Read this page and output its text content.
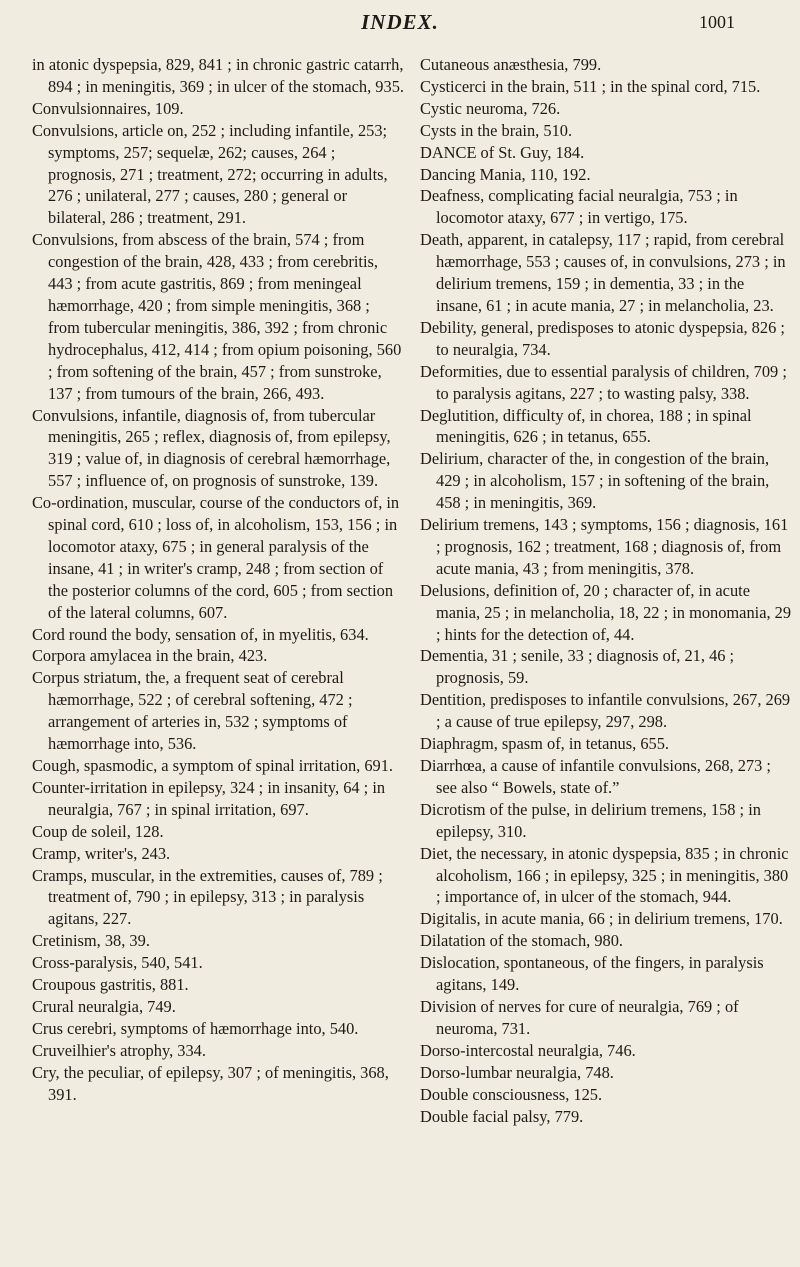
INDEX.	1001

in atonic dyspepsia, 829, 841 ; in chronic gastric catarrh, 894 ; in meningitis, 369 ; in ulcer of the stomach, 935.

Convulsionnaires, 109.

Convulsions, article on, 252 ; including infantile, 253; symptoms, 257; sequelæ, 262; causes, 264 ; prognosis, 271 ; treatment, 272; occurring in adults, 276 ; unilateral, 277 ; causes, 280 ; general or bilateral, 286 ; treatment, 291.

Convulsions, from abscess of the brain, 574 ; from congestion of the brain, 428, 433 ; from cerebritis, 443 ; from acute gastritis, 869 ; from meningeal hæmorrhage, 420 ; from simple meningitis, 368 ; from tubercular meningitis, 386, 392 ; from chronic hydrocephalus, 412, 414 ; from opium poisoning, 560 ; from softening of the brain, 457 ; from sunstroke, 137 ; from tumours of the brain, 266, 493.

Convulsions, infantile, diagnosis of, from tubercular meningitis, 265 ; reflex, diagnosis of, from epilepsy, 319 ; value of, in diagnosis of cerebral hæmorrhage, 557 ; influence of, on prognosis of sunstroke, 139.

Co-ordination, muscular, course of the conductors of, in spinal cord, 610 ; loss of, in alcoholism, 153, 156 ; in locomotor ataxy, 675 ; in general paralysis of the insane, 41 ; in writer's cramp, 248 ; from section of the posterior columns of the cord, 605 ; from section of the lateral columns, 607.

Cord round the body, sensation of, in myelitis, 634.

Corpora amylacea in the brain, 423.

Corpus striatum, the, a frequent seat of cerebral hæmorrhage, 522 ; of cerebral softening, 472 ; arrangement of arteries in, 532 ; symptoms of hæmorrhage into, 536.

Cough, spasmodic, a symptom of spinal irritation, 691.

Counter-irritation in epilepsy, 324 ; in insanity, 64 ; in neuralgia, 767 ; in spinal irritation, 697.

Coup de soleil, 128.

Cramp, writer's, 243.

Cramps, muscular, in the extremities, causes of, 789 ; treatment of, 790 ; in epilepsy, 313 ; in paralysis agitans, 227.

Cretinism, 38, 39.

Cross-paralysis, 540, 541.

Croupous gastritis, 881.

Crural neuralgia, 749.

Crus cerebri, symptoms of hæmorrhage into, 540.

Cruveilhier's atrophy, 334.

Cry, the peculiar, of epilepsy, 307 ; of meningitis, 368, 391.

Cutaneous anæsthesia, 799.

Cysticerci in the brain, 511 ; in the spinal cord, 715.

Cystic neuroma, 726.

Cysts in the brain, 510.

DANCE of St. Guy, 184.

Dancing Mania, 110, 192.

Deafness, complicating facial neuralgia, 753 ; in locomotor ataxy, 677 ; in vertigo, 175.

Death, apparent, in catalepsy, 117 ; rapid, from cerebral hæmorrhage, 553 ; causes of, in convulsions, 273 ; in delirium tremens, 159 ; in dementia, 33 ; in the insane, 61 ; in acute mania, 27 ; in melancholia, 23.

Debility, general, predisposes to atonic dyspepsia, 826 ; to neuralgia, 734.

Deformities, due to essential paralysis of children, 709 ; to paralysis agitans, 227 ; to wasting palsy, 338.

Deglutition, difficulty of, in chorea, 188 ; in spinal meningitis, 626 ; in tetanus, 655.

Delirium, character of the, in congestion of the brain, 429 ; in alcoholism, 157 ; in softening of the brain, 458 ; in meningitis, 369.

Delirium tremens, 143 ; symptoms, 156 ; diagnosis, 161 ; prognosis, 162 ; treatment, 168 ; diagnosis of, from acute mania, 43 ; from meningitis, 378.

Delusions, definition of, 20 ; character of, in acute mania, 25 ; in melancholia, 18, 22 ; in monomania, 29 ; hints for the detection of, 44.

Dementia, 31 ; senile, 33 ; diagnosis of, 21, 46 ; prognosis, 59.

Dentition, predisposes to infantile convulsions, 267, 269 ; a cause of true epilepsy, 297, 298.

Diaphragm, spasm of, in tetanus, 655.

Diarrhœa, a cause of infantile convulsions, 268, 273 ; see also “ Bowels, state of.”

Dicrotism of the pulse, in delirium tremens, 158 ; in epilepsy, 310.

Diet, the necessary, in atonic dyspepsia, 835 ; in chronic alcoholism, 166 ; in epilepsy, 325 ; in meningitis, 380 ; importance of, in ulcer of the stomach, 944.

Digitalis, in acute mania, 66 ; in delirium tremens, 170.

Dilatation of the stomach, 980.

Dislocation, spontaneous, of the fingers, in paralysis agitans, 149.

Division of nerves for cure of neuralgia, 769 ; of neuroma, 731.

Dorso-intercostal neuralgia, 746.

Dorso-lumbar neuralgia, 748.

Double consciousness, 125.

Double facial palsy, 779.
